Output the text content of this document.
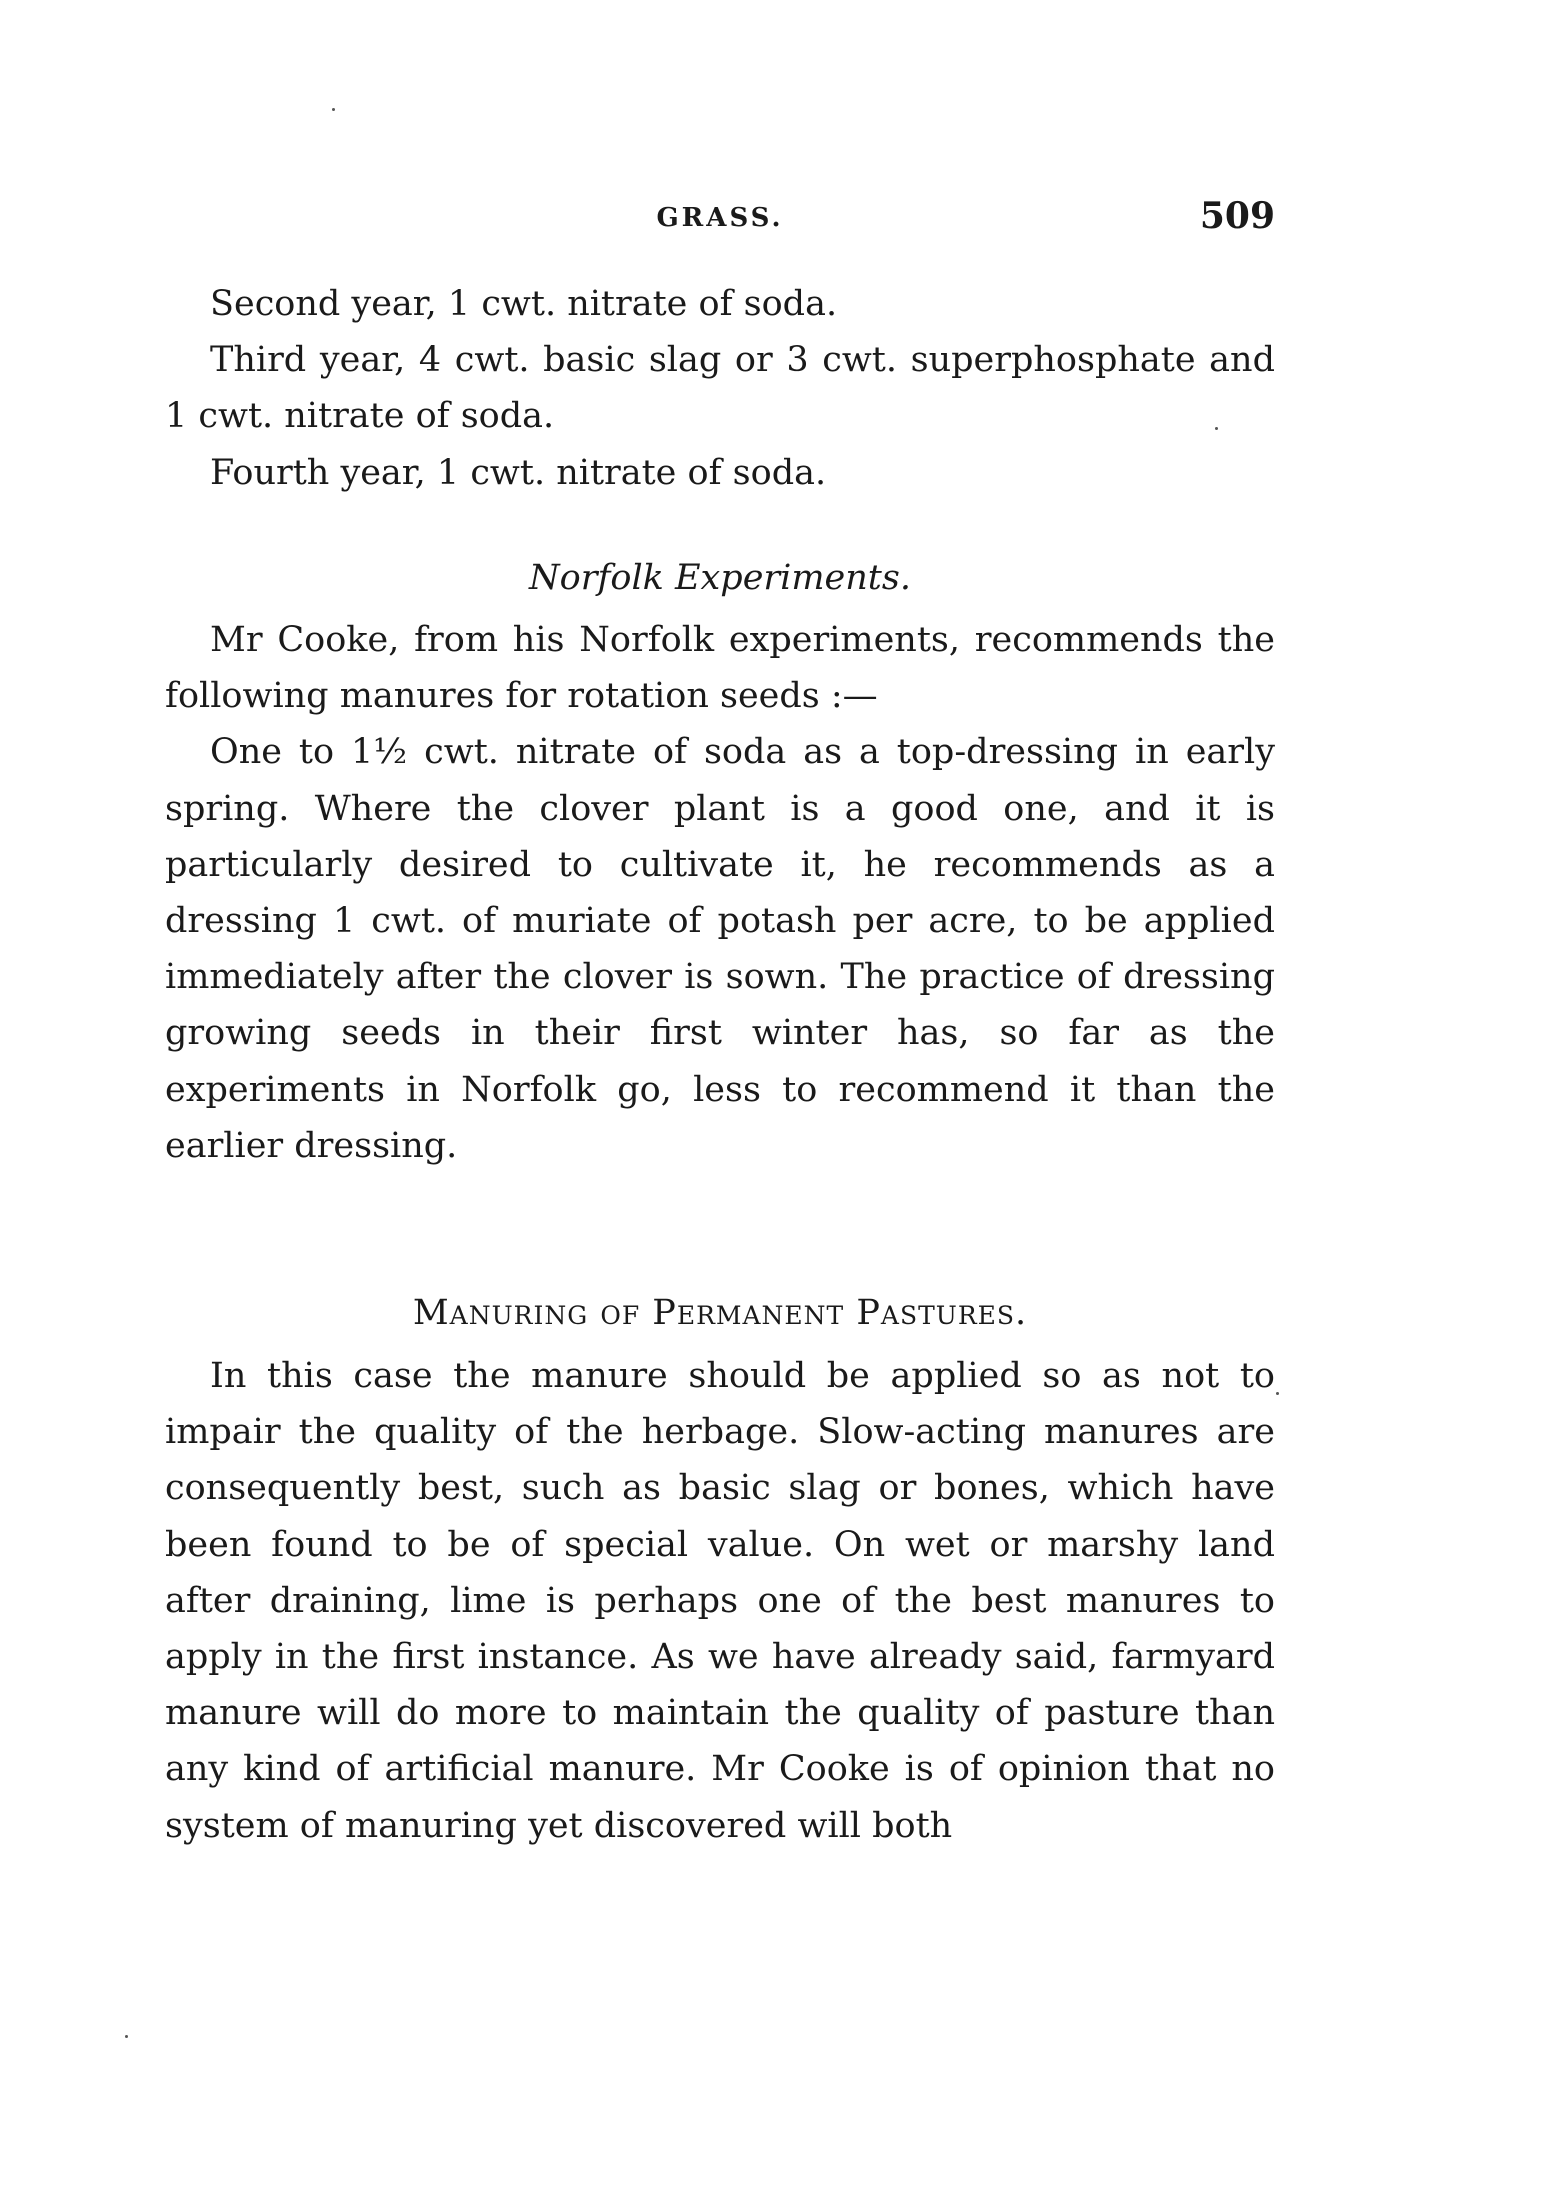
GRASS.	509

Second year, 1 cwt. nitrate of soda.

Third year, 4 cwt. basic slag or 3 cwt. superphosphate and 1 cwt. nitrate of soda.

Fourth year, 1 cwt. nitrate of soda.

Norfolk Experiments.

Mr Cooke, from his Norfolk experiments, recommends the following manures for rotation seeds :—

One to 1½ cwt. nitrate of soda as a top-dressing in early spring. Where the clover plant is a good one, and it is particularly desired to cultivate it, he recommends as a dressing 1 cwt. of muriate of potash per acre, to be applied immediately after the clover is sown. The practice of dressing growing seeds in their first winter has, so far as the experiments in Norfolk go, less to recommend it than the earlier dressing.

Manuring of Permanent Pastures.

In this case the manure should be applied so as not to impair the quality of the herbage. Slow-acting manures are consequently best, such as basic slag or bones, which have been found to be of special value. On wet or marshy land after draining, lime is perhaps one of the best manures to apply in the first instance. As we have already said, farmyard manure will do more to maintain the quality of pasture than any kind of artificial manure. Mr Cooke is of opinion that no system of manuring yet discovered will both
